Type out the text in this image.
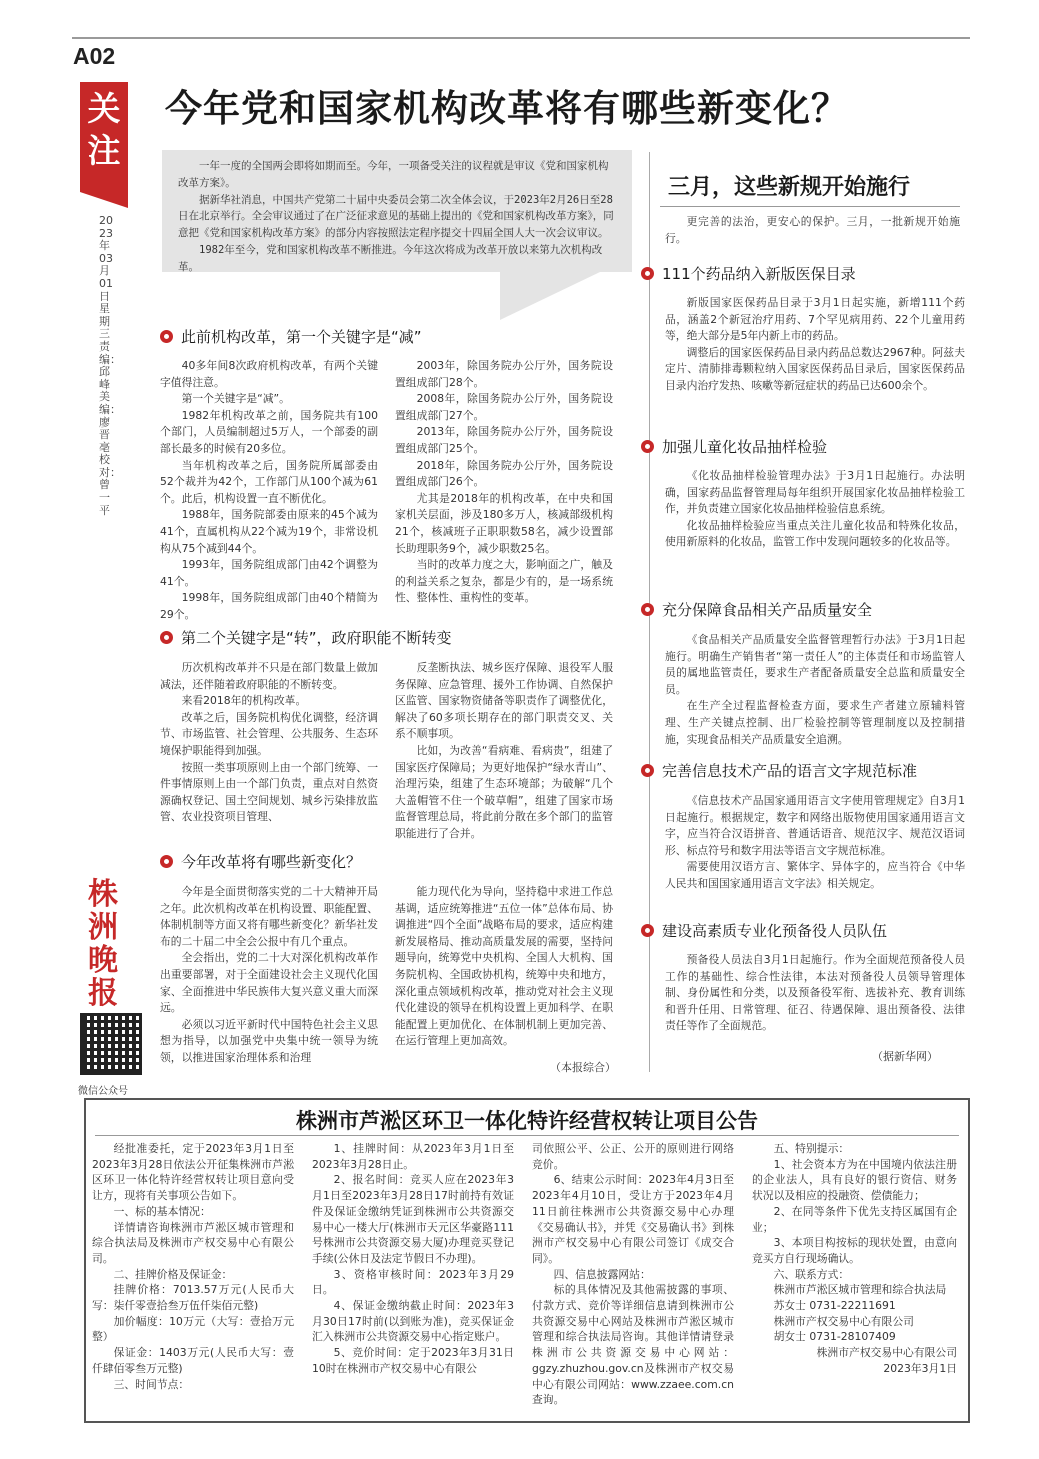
A02
关注
2023年03月01日 星期三 责编：邱峰 美编：廖晋亳 校对：曾一平
株洲晚报
微信公众号
今年党和国家机构改革将有哪些新变化？

一年一度的全国两会即将如期而至。今年，一项备受关注的议程就是审议《党和国家机构改革方案》。

据新华社消息，中国共产党第二十届中央委员会第二次全体会议，于2023年2月26日至28日在北京举行。全会审议通过了在广泛征求意见的基础上提出的《党和国家机构改革方案》，同意把《党和国家机构改革方案》的部分内容按照法定程序提交十四届全国人大一次会议审议。

1982年至今，党和国家机构改革不断推进。今年这次将成为改革开放以来第九次机构改革。

此前机构改革，第一个关键字是“减”

40多年间8次政府机构改革，有两个关键字值得注意。

第一个关键字是“减”。

1982年机构改革之前，国务院共有100个部门，人员编制超过5万人，一个部委的副部长最多的时候有20多位。

当年机构改革之后，国务院所属部委由52个裁并为42个，工作部门从100个减为61个。此后，机构设置一直不断优化。

1988年，国务院部委由原来的45个减为41个，直属机构从22个减为19个，非常设机构从75个减到44个。

1993年，国务院组成部门由42个调整为41个。

1998年，国务院组成部门由40个精简为29个。

2003年，除国务院办公厅外，国务院设置组成部门28个。

2008年，除国务院办公厅外，国务院设置组成部门27个。

2013年，除国务院办公厅外，国务院设置组成部门25个。

2018年，除国务院办公厅外，国务院设置组成部门26个。

尤其是2018年的机构改革，在中央和国家机关层面，涉及180多万人，核减部级机构21个，核减班子正职职数58名，减少设置部长助理职务9个，减少职数25名。

当时的改革力度之大，影响面之广，触及的利益关系之复杂，都是少有的，是一场系统性、整体性、重构性的变革。

第二个关键字是“转”，政府职能不断转变

历次机构改革并不只是在部门数量上做加减法，还伴随着政府职能的不断转变。

来看2018年的机构改革。

改革之后，国务院机构优化调整，经济调节、市场监管、社会管理、公共服务、生态环境保护职能得到加强。

按照一类事项原则上由一个部门统筹、一件事情原则上由一个部门负责，重点对自然资源确权登记、国土空间规划、城乡污染排放监管、农业投资项目管理、

反垄断执法、城乡医疗保障、退役军人服务保障、应急管理、援外工作协调、自然保护区监管、国家物资储备等职责作了调整优化，解决了60多项长期存在的部门职责交叉、关系不顺事项。

比如，为改善“看病难、看病贵”，组建了国家医疗保障局；为更好地保护“绿水青山”、治理污染，组建了生态环境部；为破解“几个大盖帽管不住一个破草帽”，组建了国家市场监督管理总局，将此前分散在多个部门的监管职能进行了合并。

今年改革将有哪些新变化？

今年是全面贯彻落实党的二十大精神开局之年。此次机构改革在机构设置、职能配置、体制机制等方面又将有哪些新变化？新华社发布的二十届二中全会公报中有几个重点。

全会指出，党的二十大对深化机构改革作出重要部署，对于全面建设社会主义现代化国家、全面推进中华民族伟大复兴意义重大而深远。

必须以习近平新时代中国特色社会主义思想为指导，以加强党中央集中统一领导为统领，以推进国家治理体系和治理

能力现代化为导向，坚持稳中求进工作总基调，适应统筹推进“五位一体”总体布局、协调推进“四个全面”战略布局的要求，适应构建新发展格局、推动高质量发展的需要，坚持问题导向，统筹党中央机构、全国人大机构、国务院机构、全国政协机构，统筹中央和地方，深化重点领域机构改革，推动党对社会主义现代化建设的领导在机构设置上更加科学、在职能配置上更加优化、在体制机制上更加完善、在运行管理上更加高效。

（本报综合）
三月，这些新规开始施行

更完善的法治，更安心的保护。三月，一批新规开始施行。

111个药品纳入新版医保目录

新版国家医保药品目录于3月1日起实施，新增111个药品，涵盖2个新冠治疗用药、7个罕见病用药、22个儿童用药等，绝大部分是5年内新上市的药品。

调整后的国家医保药品目录内药品总数达2967种。阿兹夫定片、清肺排毒颗粒纳入国家医保药品目录后，国家医保药品目录内治疗发热、咳嗽等新冠症状的药品已达600余个。

加强儿童化妆品抽样检验

《化妆品抽样检验管理办法》于3月1日起施行。办法明确，国家药品监督管理局每年组织开展国家化妆品抽样检验工作，并负责建立国家化妆品抽样检验信息系统。

化妆品抽样检验应当重点关注儿童化妆品和特殊化妆品，使用新原料的化妆品，监管工作中发现问题较多的化妆品等。

充分保障食品相关产品质量安全

《食品相关产品质量安全监督管理暂行办法》于3月1日起施行。明确生产销售者“第一责任人”的主体责任和市场监管人员的属地监管责任，要求生产者配备质量安全总监和质量安全员。

在生产全过程监督检查方面，要求生产者建立原辅料管理、生产关键点控制、出厂检验控制等管理制度以及控制措施，实现食品相关产品质量安全追溯。

完善信息技术产品的语言文字规范标准

《信息技术产品国家通用语言文字使用管理规定》自3月1日起施行。根据规定，数字和网络出版物使用国家通用语言文字，应当符合汉语拼音、普通话语音、规范汉字、规范汉语词形、标点符号和数字用法等语言文字规范标准。

需要使用汉语方言、繁体字、异体字的，应当符合《中华人民共和国国家通用语言文字法》相关规定。

建设高素质专业化预备役人员队伍

预备役人员法自3月1日起施行。作为全面规范预备役人员工作的基础性、综合性法律，本法对预备役人员领导管理体制、身份属性和分类，以及预备役军衔、选拔补充、教育训练和晋升任用、日常管理、征召、待遇保障、退出预备役、法律责任等作了全面规范。

（据新华网）
株洲市芦淞区环卫一体化特许经营权转让项目公告

经批准委托，定于2023年3月1日至2023年3月28日依法公开征集株洲市芦淞区环卫一体化特许经营权转让项目意向受让方，现将有关事项公告如下。

一、标的基本情况：

详情请咨询株洲市芦淞区城市管理和综合执法局及株洲市产权交易中心有限公司。

二、挂牌价格及保证金：

挂牌价格：7013.57万元(人民币大写：柒仟零壹拾叁万伍仟柒佰元整)

加价幅度：10万元（大写：壹拾万元整）

保证金：1403万元(人民币大写：壹仟肆佰零叁万元整)

三、时间节点：

1、挂牌时间：从2023年3月1日至2023年3月28日止。

2、报名时间：竞买人应在2023年3月1日至2023年3月28日17时前持有效证件及保证金缴纳凭证到株洲市公共资源交易中心一楼大厅(株洲市天元区华豪路111号株洲市公共资源交易大厦)办理竞买登记手续(公休日及法定节假日不办理)。

3、资格审核时间：2023年3月29日。

4、保证金缴纳截止时间：2023年3月30日17时前(以到账为准)，竞买保证金汇入株洲市公共资源交易中心指定账户。

5、竞价时间：定于2023年3月31日10时在株洲市产权交易中心有限公

司依照公平、公正、公开的原则进行网络竞价。

6、结束公示时间：2023年4月3日至2023年4月10日，受让方于2023年4月11日前往株洲市公共资源交易中心办理《交易确认书》，并凭《交易确认书》到株洲市产权交易中心有限公司签订《成交合同》。

四、信息披露网站：

标的具体情况及其他需披露的事项、付款方式、竞价等详细信息请到株洲市公共资源交易中心网站及株洲市芦淞区城市管理和综合执法局咨询。其他详情请登录株洲市公共资源交易中心网站：ggzy.zhuzhou.gov.cn及株洲市产权交易中心有限公司网站：www.zzaee.com.cn查询。

五、特别提示：

1、社会资本方为在中国境内依法注册的企业法人，具有良好的银行资信、财务状况以及相应的投融资、偿债能力；

2、在同等条件下优先支持区属国有企业；

3、本项目构按标的现状处置，由意向竞买方自行现场确认。

六、联系方式：

株洲市芦淞区城市管理和综合执法局

苏女士 0731-22211691

株洲市产权交易中心有限公司

胡女士 0731-28107409

株洲市产权交易中心有限公司

2023年3月1日
